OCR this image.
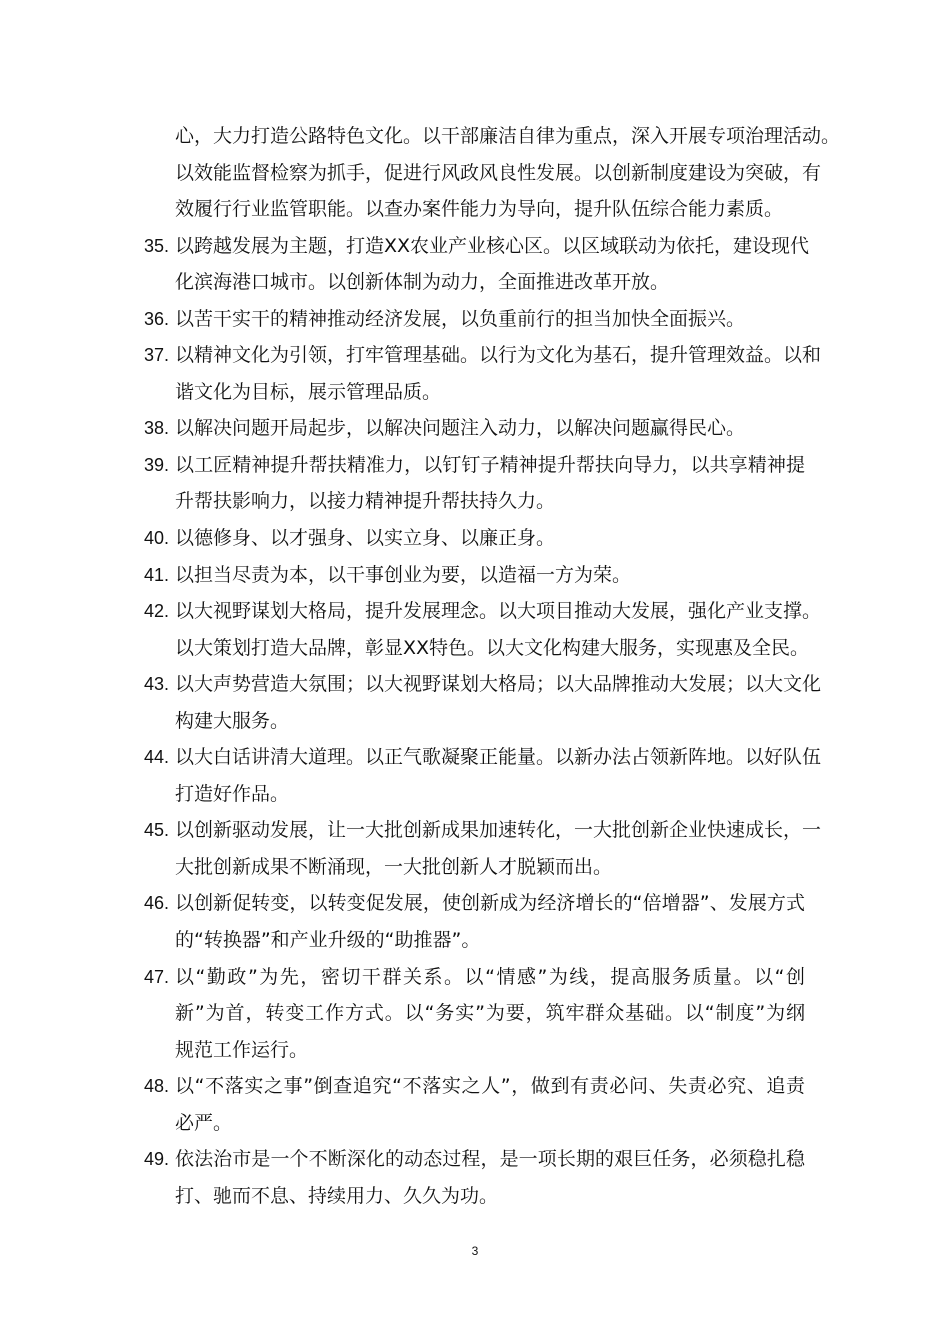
心，大力打造公路特色文化。以干部廉洁自律为重点，深入开展专项治理活动。
以效能监督检察为抓手，促进行风政风良性发展。以创新制度建设为突破，有
效履行行业监管职能。以查办案件能力为导向，提升队伍综合能力素质。
35. 以跨越发展为主题，打造XX农业产业核心区。以区域联动为依托，建设现代
化滨海港口城市。以创新体制为动力，全面推进改革开放。
36. 以苦干实干的精神推动经济发展，以负重前行的担当加快全面振兴。
37. 以精神文化为引领，打牢管理基础。以行为文化为基石，提升管理效益。以和
谐文化为目标，展示管理品质。
38. 以解决问题开局起步，以解决问题注入动力，以解决问题赢得民心。
39. 以工匠精神提升帮扶精准力，以钉钉子精神提升帮扶向导力，以共享精神提
升帮扶影响力，以接力精神提升帮扶持久力。
40. 以德修身、以才强身、以实立身、以廉正身。
41. 以担当尽责为本，以干事创业为要，以造福一方为荣。
42. 以大视野谋划大格局，提升发展理念。以大项目推动大发展，强化产业支撑。
以大策划打造大品牌，彰显XX特色。以大文化构建大服务，实现惠及全民。
43. 以大声势营造大氛围；以大视野谋划大格局；以大品牌推动大发展；以大文化
构建大服务。
44. 以大白话讲清大道理。以正气歌凝聚正能量。以新办法占领新阵地。以好队伍
打造好作品。
45. 以创新驱动发展，让一大批创新成果加速转化，一大批创新企业快速成长，一
大批创新成果不断涌现，一大批创新人才脱颖而出。
46. 以创新促转变，以转变促发展，使创新成为经济增长的“倍增器”、发展方式
的“转换器”和产业升级的“助推器”。
47. 以“勤政”为先，密切干群关系。以“情感”为线，提高服务质量。以“创
新”为首，转变工作方式。以“务实”为要，筑牢群众基础。以“制度”为纲
规范工作运行。
48. 以“不落实之事”倒查追究“不落实之人”，做到有责必问、失责必究、追责
必严。
49. 依法治市是一个不断深化的动态过程，是一项长期的艰巨任务，必须稳扎稳
打、驰而不息、持续用力、久久为功。
3
